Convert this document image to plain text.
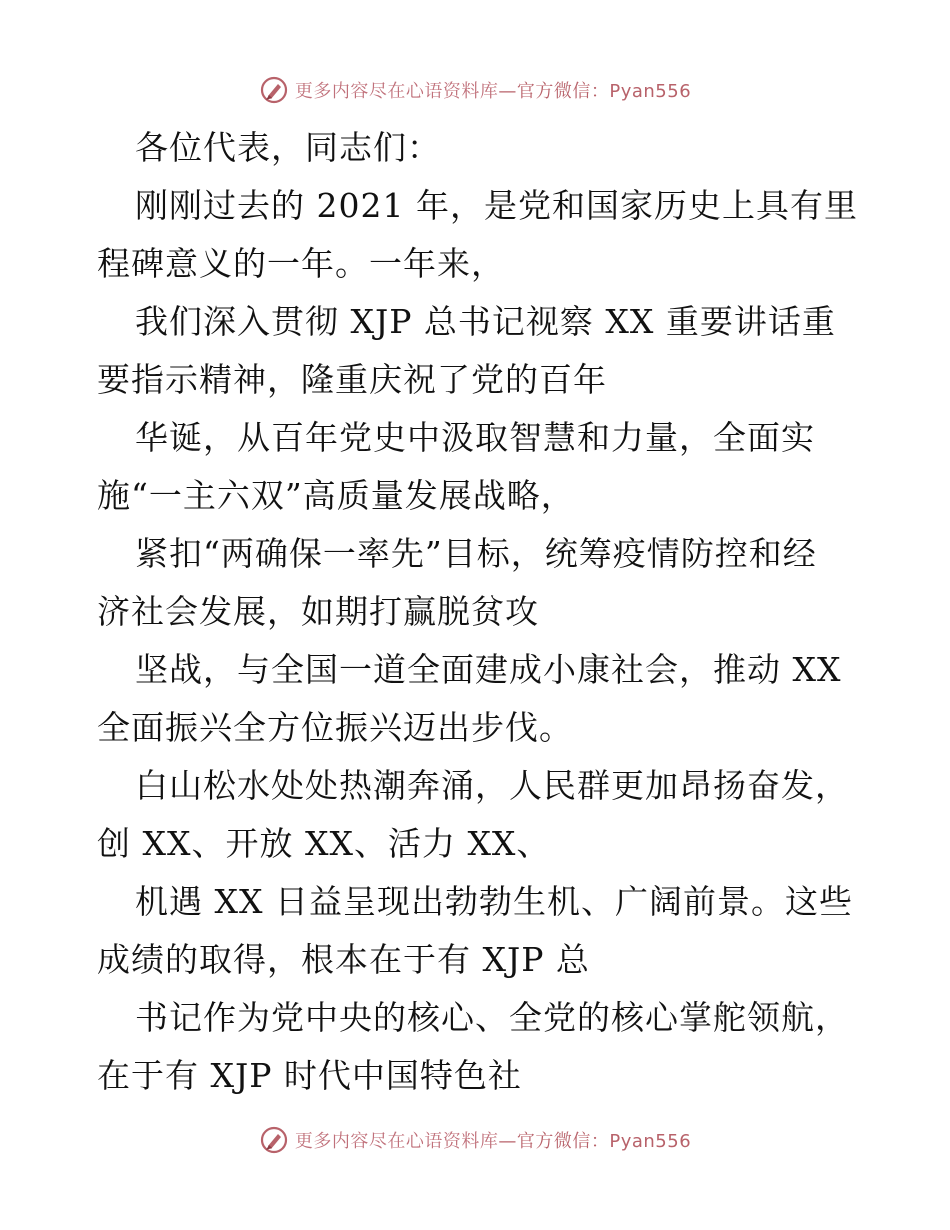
更多内容尽在心语资料库—官方微信：Pyan556
各位代表，同志们：
刚刚过去的 2021 年，是党和国家历史上具有里
程碑意义的一年。一年来，
我们深入贯彻 XJP 总书记视察 XX 重要讲话重
要指示精神，隆重庆祝了党的百年
华诞，从百年党史中汲取智慧和力量，全面实
施“一主六双”高质量发展战略，
紧扣“两确保一率先”目标，统筹疫情防控和经
济社会发展，如期打赢脱贫攻
坚战，与全国一道全面建成小康社会，推动 XX
全面振兴全方位振兴迈出步伐。
白山松水处处热潮奔涌，人民群更加昂扬奋发，
创 XX、开放 XX、活力 XX、
机遇 XX 日益呈现出勃勃生机、广阔前景。这些
成绩的取得，根本在于有 XJP 总
书记作为党中央的核心、全党的核心掌舵领航，
在于有 XJP 时代中国特色社
更多内容尽在心语资料库—官方微信：Pyan556
